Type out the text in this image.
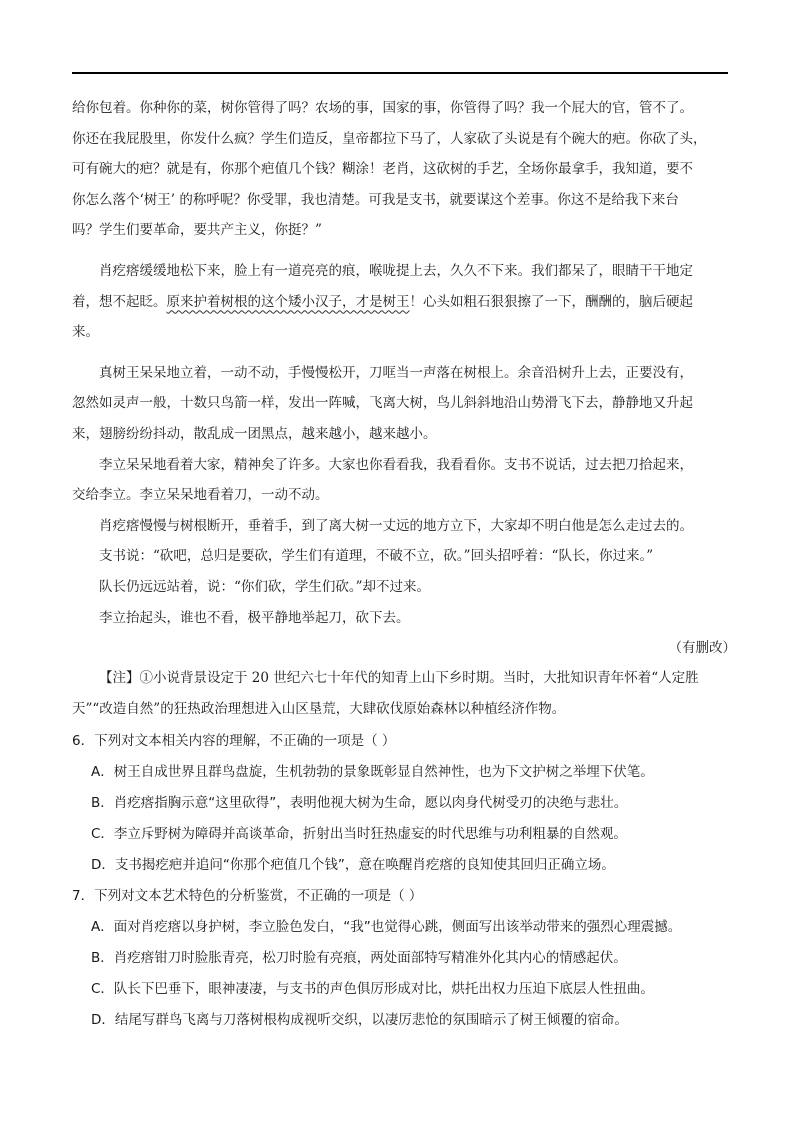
给你包着。你种你的菜，树你管得了吗？农场的事，国家的事，你管得了吗？我一个屁大的官，管不了。

你还在我屁股里，你发什么疯？学生们造反，皇帝都拉下马了，人家砍了头说是有个碗大的疤。你砍了头，

可有碗大的疤？就是有，你那个疤值几个钱？糊涂！老肖，这砍树的手艺，全场你最拿手，我知道，要不

你怎么落个‘树王’ 的称呼呢？你受罪，我也清楚。可我是支书，就要谋这个差事。你这不是给我下来台

吗？学生们要革命，要共产主义，你挺？”

肖疙瘩缓缓地松下来，脸上有一道亮亮的痕，喉咙提上去，久久不下来。我们都呆了，眼睛干干地定

着，想不起眨。原来护着树根的这个矮小汉子，才是树王！心头如粗石狠狠擦了一下，酬酬的，脑后硬起

来。

真树王呆呆地立着，一动不动，手慢慢松开，刀哐当一声落在树根上。余音沿树升上去，正要没有，

忽然如灵声一般，十数只鸟箭一样，发出一阵喊，飞离大树，鸟儿斜斜地沿山势滑飞下去，静静地又升起

来，翅膀纷纷抖动，散乱成一团黑点，越来越小，越来越小。

李立呆呆地看着大家，精神矣了许多。大家也你看看我，我看看你。支书不说话，过去把刀拾起来，

交给李立。李立呆呆地看着刀，一动不动。

肖疙瘩慢慢与树根断开，垂着手，到了离大树一丈远的地方立下，大家却不明白他是怎么走过去的。

支书说：“砍吧，总归是要砍，学生们有道理，不破不立，砍。”回头招呼着：“队长，你过来。”

队长仍远远站着，说：“你们砍，学生们砍。”却不过来。

李立抬起头，谁也不看，极平静地举起刀，砍下去。

（有删改）
【注】①小说背景设定于 20 世纪六七十年代的知青上山下乡时期。当时，大批知识青年怀着“人定胜
天”“改造自然”的狂热政治理想进入山区垦荒，大肆砍伐原始森林以种植经济作物。

6．下列对文本相关内容的理解，不正确的一项是（ ）

A．树王自成世界且群鸟盘旋，生机勃勃的景象既彰显自然神性，也为下文护树之举埋下伏笔。

B．肖疙瘩指胸示意“这里砍得”，表明他视大树为生命，愿以肉身代树受刃的决绝与悲壮。

C．李立斥野树为障碍并高谈革命，折射出当时狂热虚妄的时代思维与功利粗暴的自然观。

D．支书揭疙疤并追问“你那个疤值几个钱”，意在唤醒肖疙瘩的良知使其回归正确立场。

7．下列对文本艺术特色的分析鉴赏，不正确的一项是（ ）

A．面对肖疙瘩以身护树，李立脸色发白，“我”也觉得心跳，侧面写出该举动带来的强烈心理震撼。

B．肖疙瘩钳刀时脸胀青亮，松刀时脸有亮痕，两处面部特写精准外化其内心的情感起伏。

C．队长下巴垂下，眼神凄凄，与支书的声色俱厉形成对比，烘托出权力压迫下底层人性扭曲。

D．结尾写群鸟飞离与刀落树根构成视听交织，以凄厉悲怆的氛围暗示了树王倾覆的宿命。
